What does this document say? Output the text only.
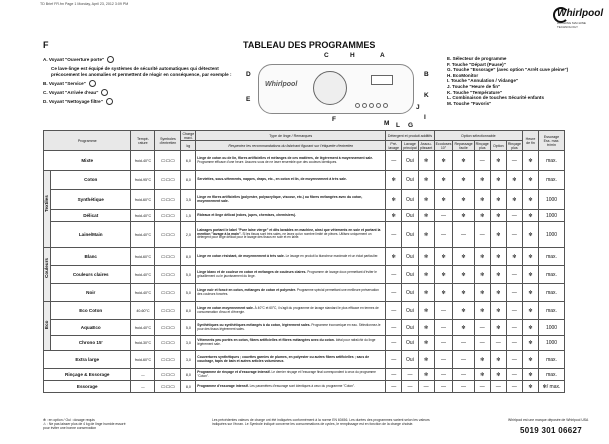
TD Brief FR.fm Page 1 Monday, April 23, 2012 3:09 PM
Whirlpool
WASHING MACHINE TECHNOLOGY
F	TABLEAU DES PROGRAMMES
A. Voyant "Ouverture porte"
Ce lave-linge est équipé de systèmes de sécurité automatiques qui détectent précocement les anomalies et permettent de réagir en conséquence, par exemple :
B. Voyant "Service"
C. Voyant "Arrivée d'eau"
D. Voyant "Nettoyage filtre"
Whirlpool
C	H	A
D	B
E
K
J
I
F
M L G
E. Sélecteur de programme
F. Touche "Départ (Pause)"
G. Touche "Essorage" (avec option "Arrêt cuve pleine")
H. EcoMonitor
I. Touche "Annulation / Vidange"
J. Touche "Heure de fin"
K. Touche "Température"
L. Combinaison de touches Sécurité enfants
M. Touche "Favoris"
Programme		Tempé-rature	Symboles d'entretien	Charge maxi.	Type de linge / Remarques	Détergent et produit additifs			Option sélectionnable					Heure de fin	Essorage
Ess. max.
tr/min
				kg	Respectez les recommandations du fabricant figurant sur l'étiquette d'entretien	Pré-lavage	Lavage principal	Assou-plissant	Ecodoses 10°	Repassage facile	Rinçage plus	Option	Rinçage plus		
Mixte		froid-40°C	▭▭▭	6,0	Linge de coton ou de lin, fibres artificielles et mélanges de ces matières, de légèrement à moyennement sale. Programme efficace d'une heure. Assurez-vous de ne laver ensemble que des couleurs identiques.	—	Oui	✻	✻	✻	—	✻	—	✻	max.

Textiles	Coton	froid-95°C	▭▭▭	8,0	Serviettes, sous-vêtements, nappes, draps, etc., en coton et lin, de moyennement à très sale.	✻	Oui	✻	✻	✻	✻	✻	✻	✻	max.
	Synthétique	froid-60°C	▭▭▭	3,5	Linge en fibres artificielles (polyester, polyacrylique, viscose, etc.) ou fibres mélangées avec du coton, moyennement sale.	✻	Oui	✻	✻	✻	✻	✻	✻	✻	1000
	Délicat	froid-40°C	▭▭▭	1,5	Rideaux et linge délicat (robes, jupes, chemises, chemisiers).	✻	Oui	✻	—	✻	✻	✻	—	✻	1000
	Laine/Main	froid-40°C	▭▭▭	2,0	Lainages portant le label "Pure laine vierge" et dits lavables en machine, ainsi que vêtements en soie et portant la mention "lavage à la main". Si les tissus sont très sales, ne lavez qu'un nombre limité de pièces. Utilisez uniquement un détergent pour linge délicat pour le lavage des tissus en soie et en laine.	—	Oui	✻	—	—	—	✻	—	✻	1000

Couleurs	Blanc	froid-60°C	▭▭▭	8,0	Linge en coton résistant, de moyennement à très sale. Le lavage en produit la blancheur maximale et un éclat particulier.	✻	Oui	✻	✻	✻	✻	✻	✻	✻	max.
	Couleurs claires	froid-40°C	▭▭▭	5,0	Linge blanc et de couleur en coton et mélanges de couleurs claires. Programme de lavage doux permettant d'éviter le grisaillement ou le jaunissement du linge.	—	Oui	✻	✻	✻	✻	✻	—	✻	max.
	Noir	froid-40°C	▭▭▭	5,0	Linge noir et foncé en coton, mélanges de coton et polyester. Programme spécial permettant une meilleure préservation des couleurs foncées.	—	Oui	✻	✻	✻	✻	✻	—	✻	max.

Eco	Eco Coton	40-60°C	▭▭▭	8,0	Linge en coton moyennement sale. À 40°C et 60°C, il s'agit du programme de lavage standard le plus efficace en termes de consommation d'eau et d'énergie.	—	Oui	✻	—	✻	✻	✻	—	✻	max.
	AquaEco	froid-40°C	▭▭▭	5,0	Synthétiques ou synthétiques mélangés à du coton, légèrement sales. Programme économique en eau. Sélectionnez-le pour des tissus légèrement sales.	—	Oui	✻	—	✻	—	✻	—	✻	1000
	Chrono 15'	froid-30°C	▭▭▭	3,0	Vêtements peu portés en coton, fibres artificielles et fibres mélangées avec du coton. Idéal pour rafraîchir du linge légèrement sale.	—	Oui	✻	—	—	—	—	—	✻	1000
Extra large		froid-60°C	▭▭▭	3,0	Couvertures synthétiques ; couettes garnies de plumes, en polyester ou autres fibres artificielles ; sacs de couchage, tapis de bain et autres articles volumineux.	—	Oui	✻	—	—	✻	✻	—	✻	max.
Rinçage & Essorage		—	▭▭▭	8,0	Programme de rinçage et d'essorage intensif. Le dernier rinçage et l'essorage final correspondent à ceux du programme "Coton".	—	—	✻	—	—	✻	✻	—	✻	max.
Essorage		—	▭▭▭	8,0	Programme d'essorage intensif. Les paramètres d'essorage sont identiques à ceux du programme "Coton".	—	—	—	—	—	—	—	—	✻	✻/ max.
✻ : en option / Oui : dosage requis
⚠ : Ne pas laisser plus de 4 kg de linge humide essoré
pour éviter une bonne conservation
Les précédentes valeurs de charge ont été indiquées conformément à la norme EN 60456. Les durées des programmes varient selon les valeurs indiquées sur l'écran. Le Symbole indiqué concerne les consommations de cycles, le remplissage est en fonction de la charge choisie.
Whirlpool est une marque déposée de Whirlpool USA
5019 301 06627
